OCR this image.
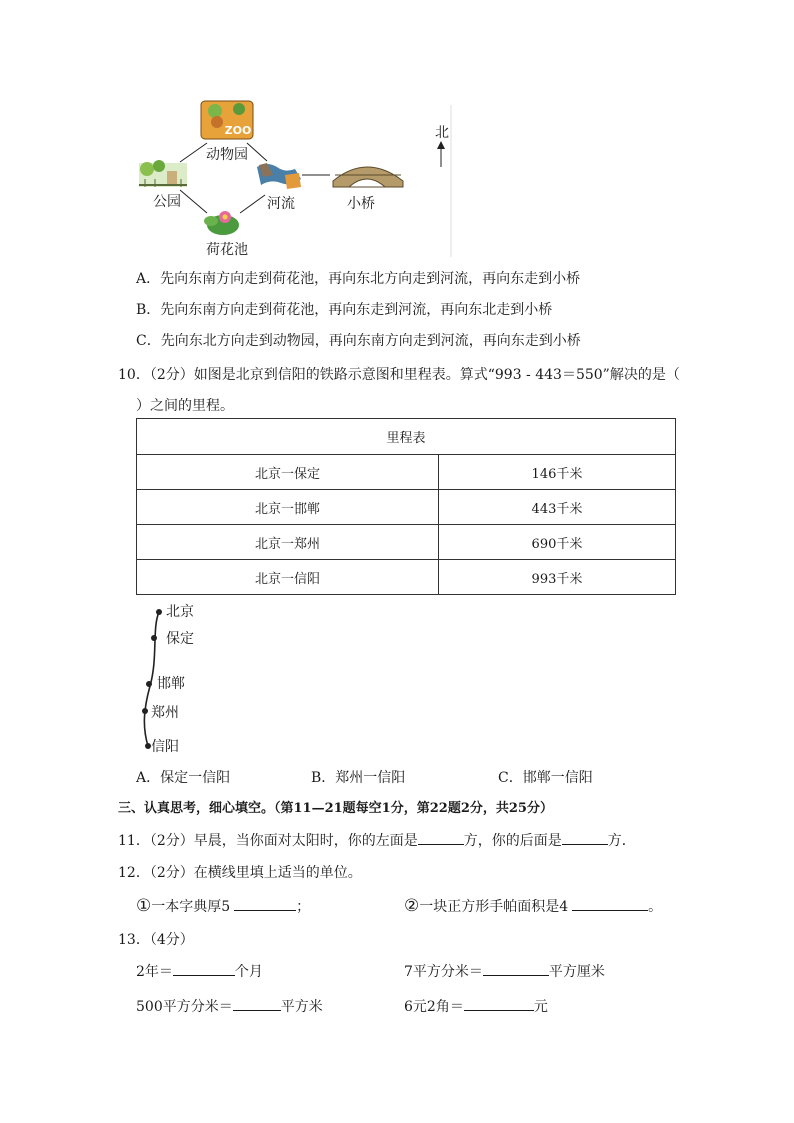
ZOO
动物园
公园	河流	小桥
荷花池
北
A．先向东南方向走到荷花池，再向东北方向走到河流，再向东走到小桥
B．先向东南方向走到荷花池，再向东走到河流，再向东北走到小桥
C．先向东北方向走到动物园，再向东南方向走到河流，再向东走到小桥
10．（2分）如图是北京到信阳的铁路示意图和里程表。算式“993 - 443＝550”解决的是（
）之间的里程。
里程表	
北京一保定	146千米
北京一邯郸	443千米
北京一郑州	690千米
北京一信阳	993千米
北京
保定
邯郸
郑州
信阳
A．保定一信阳	B．郑州一信阳	C．邯郸一信阳
三、认真思考，细心填空。（第11—21题每空1分，第22题2分，共25分）
11．（2分）早晨，当你面对太阳时，你的左面是	方，你的后面是	方．
12．（2分）在横线里填上适当的单位。
①一本字典厚5	；	②一块正方形手帕面积是4	。
13．（4分）
2年＝	个月	7平方分米＝	平方厘米
500平方分米＝	平方米	6元2角＝	元
